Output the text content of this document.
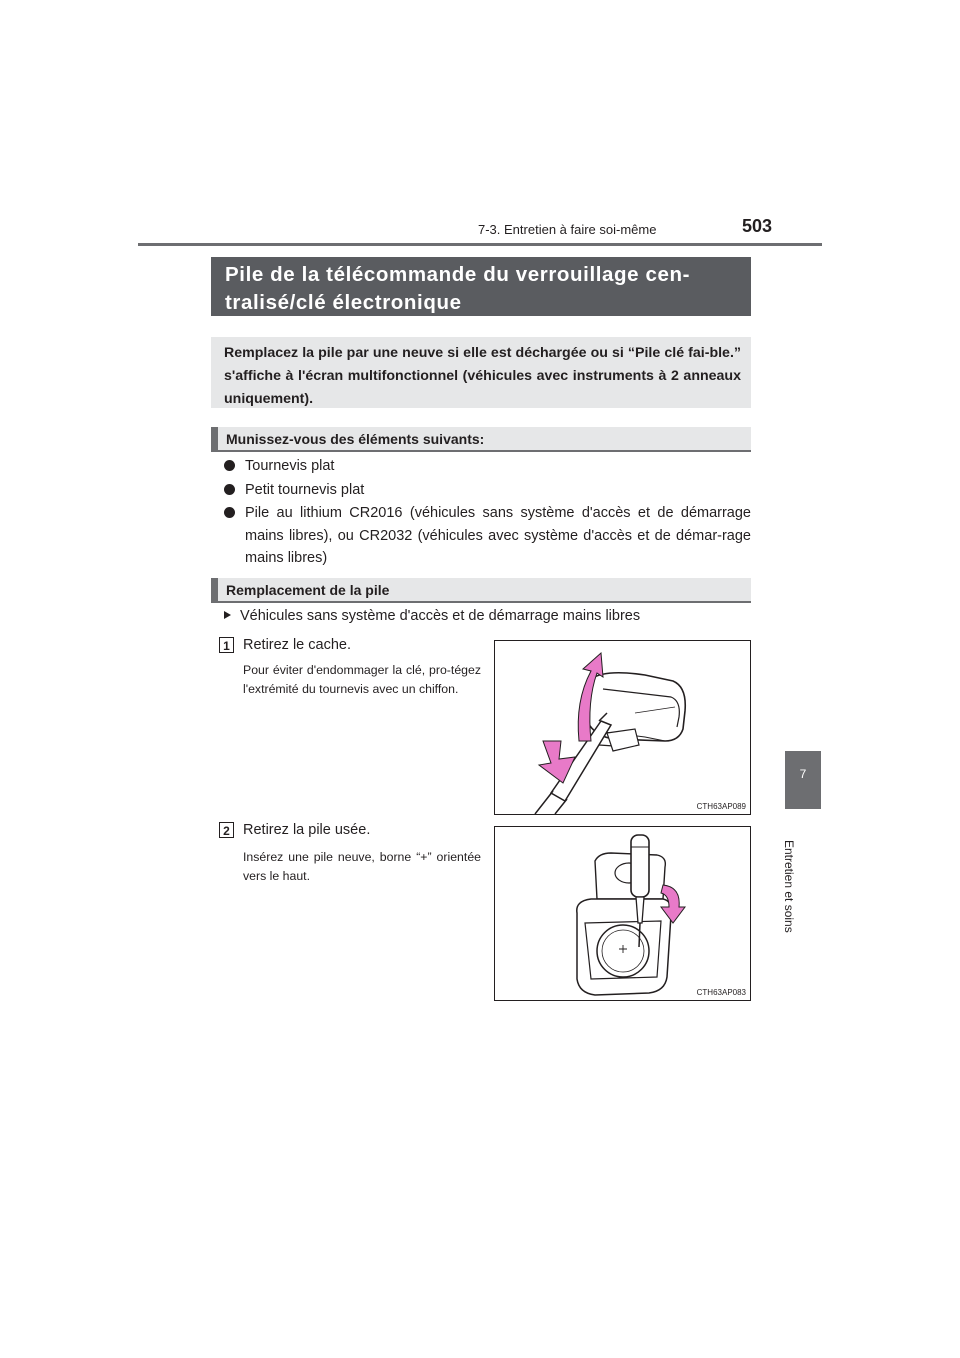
7-3. Entretien à faire soi-même	503
7
Entretien et soins
Pile de la télécommande du verrouillage cen-
tralisé/clé électronique
Remplacez la pile par une neuve si elle est déchargée ou si “Pile clé fai-ble.” s'affiche à l'écran multifonctionnel (véhicules avec instruments à 2 anneaux uniquement).
Munissez-vous des éléments suivants:
Tournevis plat
Petit tournevis plat
Pile au lithium CR2016 (véhicules sans système d'accès et de démarrage mains libres), ou CR2032 (véhicules avec système d'accès et de démar-rage mains libres)
Remplacement de la pile
Véhicules sans système d'accès et de démarrage mains libres
1 Retirez le cache.
Pour éviter d'endommager la clé, pro-tégez l'extrémité du tournevis avec un chiffon.
CTH63AP089
2 Retirez la pile usée.
Insérez une pile neuve, borne “+” orientée vers le haut.
CTH63AP083
